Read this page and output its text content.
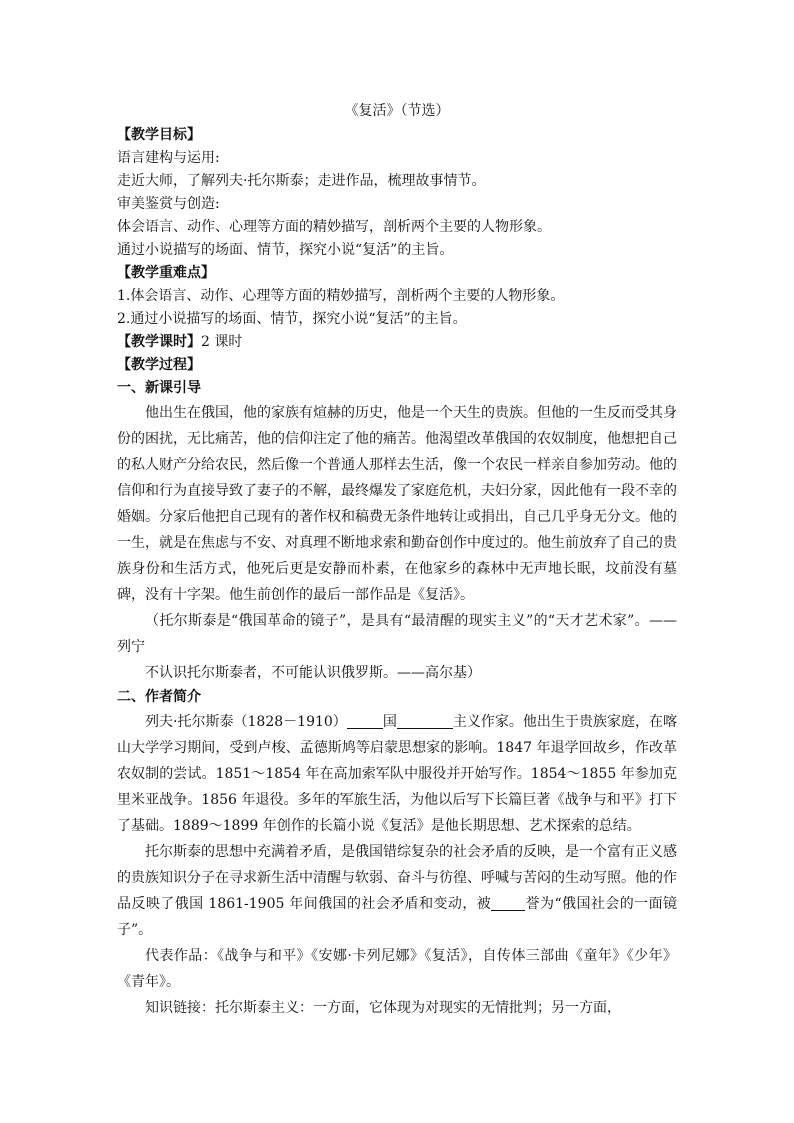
《复活》（节选）

【教学目标】

语言建构与运用:

走近大师，了解列夫·托尔斯泰；走进作品，梳理故事情节。

审美鉴赏与创造:

体会语言、动作、心理等方面的精妙描写，剖析两个主要的人物形象。

通过小说描写的场面、情节，探究小说“复活”的主旨。

【教学重难点】

1.体会语言、动作、心理等方面的精妙描写，剖析两个主要的人物形象。

2.通过小说描写的场面、情节，探究小说“复活”的主旨。

【教学课时】2 课时

【教学过程】

一、新课引导

他出生在俄国，他的家族有煊赫的历史，他是一个天生的贵族。但他的一生反而受其身份的困扰，无比痛苦，他的信仰注定了他的痛苦。他渴望改革俄国的农奴制度，他想把自己的私人财产分给农民，然后像一个普通人那样去生活，像一个农民一样亲自参加劳动。他的信仰和行为直接导致了妻子的不解，最终爆发了家庭危机，夫妇分家，因此他有一段不幸的婚姻。分家后他把自己现有的著作权和稿费无条件地转让或捐出，自己几乎身无分文。他的一生，就是在焦虑与不安、对真理不断地求索和勤奋创作中度过的。他生前放弃了自己的贵族身份和生活方式，他死后更是安静而朴素，在他家乡的森林中无声地长眠，坟前没有墓碑，没有十字架。他生前创作的最后一部作品是《复活》。

（托尔斯泰是“俄国革命的镜子”，是具有“最清醒的现实主义”的“天才艺术家”。——列宁

不认识托尔斯泰者，不可能认识俄罗斯。——高尔基）

二、作者简介

列夫·托尔斯泰（1828－1910）	国	主义作家。他出生于贵族家庭，在喀山大学学习期间，受到卢梭、孟德斯鸠等启蒙思想家的影响。1847 年退学回故乡，作改革农奴制的尝试。1851～1854 年在高加索军队中服役并开始写作。1854～1855 年参加克里米亚战争。1856 年退役。多年的军旅生活，为他以后写下长篇巨著《战争与和平》打下了基础。1889～1899 年创作的长篇小说《复活》是他长期思想、艺术探索的总结。

托尔斯泰的思想中充满着矛盾，是俄国错综复杂的社会矛盾的反映，是一个富有正义感的贵族知识分子在寻求新生活中清醒与软弱、奋斗与彷徨、呼喊与苦闷的生动写照。他的作品反映了俄国 1861-1905 年间俄国的社会矛盾和变动，被 誉为“俄国社会的一面镜子”。

代表作品：《战争与和平》《安娜·卡列尼娜》《复活》，自传体三部曲《童年》《少年》《青年》。

知识链接：托尔斯泰主义：一方面，它体现为对现实的无情批判；另一方面，
